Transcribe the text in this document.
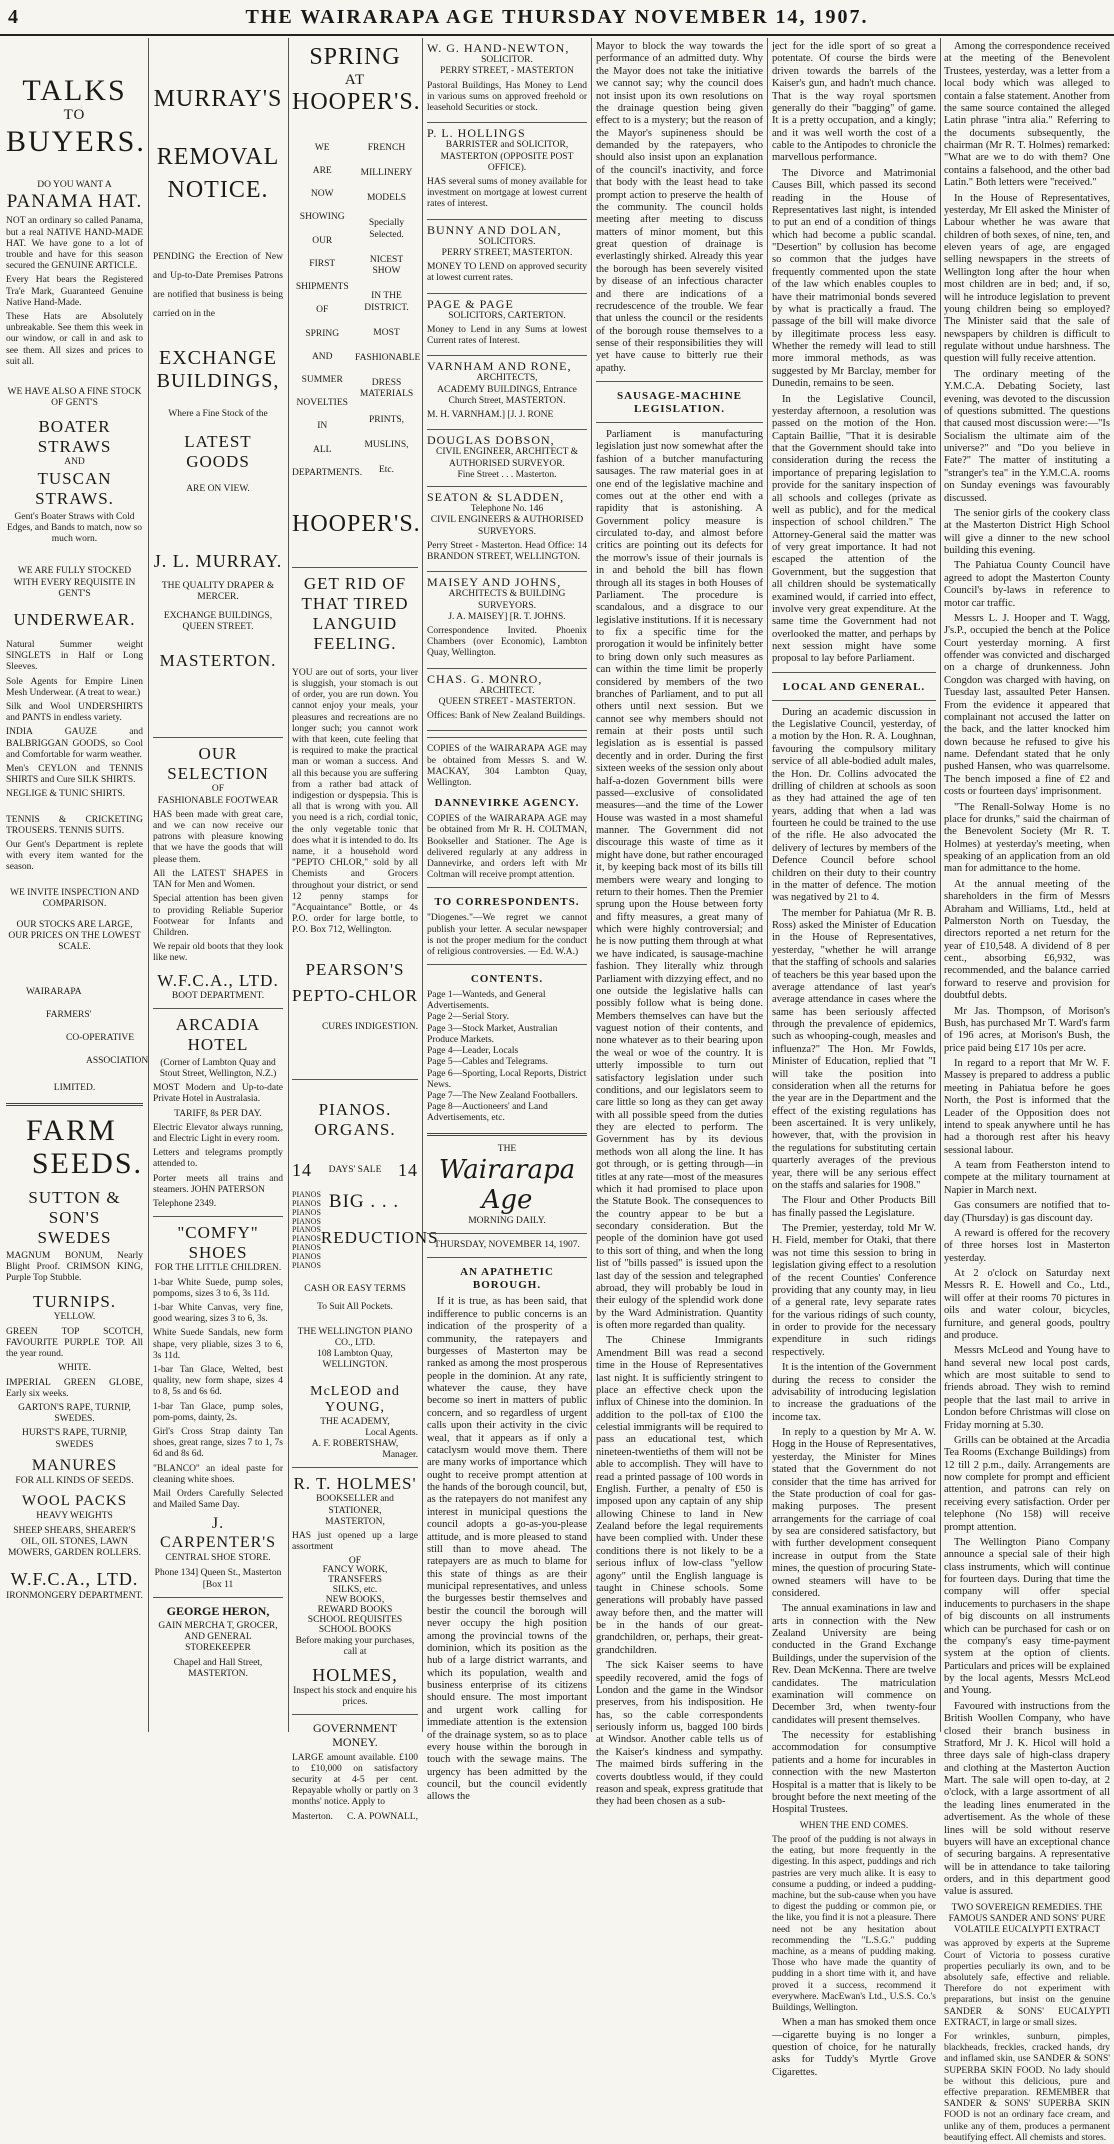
4	THE WAIRARAPA AGE THURSDAY NOVEMBER 14, 1907.
TALKS
TO
BUYERS.
DO YOU WANT A
PANAMA HAT.

NOT an ordinary so called Panama, but a real NATIVE HAND-MADE HAT. We have gone to a lot of trouble and have for this season secured the GENUINE ARTICLE.

Every Hat bears the Registered Tra'e Mark, Guaranteed Genuine Native Hand-Made.

These Hats are Absolutely unbreakable. See them this week in our window, or call in and ask to see them. All sizes and prices to suit all.

WE HAVE ALSO A FINE STOCK OF GENT'S
BOATER STRAWS
AND
TUSCAN STRAWS.

Gent's Boater Straws with Cold Edges, and Bands to match, now so much worn.

WE ARE FULLY STOCKED WITH EVERY REQUISITE IN GENT'S
UNDERWEAR.

Natural Summer weight SINGLETS in Half or Long Sleeves.

Sole Agents for Empire Linen Mesh Underwear. (A treat to wear.)

Silk and Wool UNDERSHIRTS and PANTS in endless variety.

INDIA GAUZE and BALBRIGGAN GOODS, so Cool and Comfortable for warm weather.

Men's CEYLON and TENNIS SHIRTS and Cure SILK SHIRTS.

NEGLIGE & TUNIC SHIRTS.

TENNIS & CRICKETING TROUSERS. TENNIS SUITS.

Our Gent's Department is replete with every item wanted for the season.

WE INVITE INSPECTION AND COMPARISON.

OUR STOCKS ARE LARGE, OUR PRICES ON THE LOWEST SCALE.

WAIRARAPA
FARMERS'
CO-OPERATIVE
ASSOCIATION
LIMITED.
FARM
SEEDS.
SUTTON & SON'S
SWEDES

MAGNUM BONUM, Nearly Blight Proof. CRIMSON KING, Purple Top Stubble.

TURNIPS.
YELLOW.

GREEN TOP SCOTCH, FAVOURITE PURPLE TOP. All the year round.

WHITE.

IMPERIAL GREEN GLOBE, Early six weeks.

GARTON'S RAPE, TURNIP, SWEDES.

HURST'S RAPE, TURNIP, SWEDES

MANURES
FOR ALL KINDS OF SEEDS.
WOOL PACKS HEAVY WEIGHTS

SHEEP SHEARS, SHEARER'S OIL, OIL STONES, LAWN MOWERS, GARDEN ROLLERS.

W.F.C.A., LTD.
IRONMONGERY DEPARTMENT.
MURRAY'S
REMOVAL
NOTICE.

PENDING the Erection of New and Up-to-Date Premises Patrons are notified that business is being carried on in the

EXCHANGE
BUILDINGS,
Where a Fine Stock of the
LATEST GOODS
ARE ON VIEW.
J. L. MURRAY.
THE QUALITY DRAPER & MERCER.
EXCHANGE BUILDINGS, QUEEN STREET.
MASTERTON.
OUR SELECTION
OF
FASHIONABLE FOOTWEAR

HAS been made with great care, and we can now receive our patrons with pleasure knowing that we have the goods that will please them.

All the LATEST SHAPES in TAN for Men and Women.

Special attention has been given to providing Reliable Superior Footwear for Infants and Children.

We repair old boots that they look like new.

W.F.C.A., LTD.
BOOT DEPARTMENT.
ARCADIA HOTEL

(Corner of Lambton Quay and Stout Street, Wellington, N.Z.)

MOST Modern and Up-to-date Private Hotel in Australasia.

TARIFF, 8s PER DAY.

Electric Elevator always running, and Electric Light in every room.

Letters and telegrams promptly attended to.

Porter meets all trains and steamers. JOHN PATERSON

Telephone 2349.
"COMFY" SHOES
FOR THE LITTLE CHILDREN.

1-bar White Suede, pump soles, pompoms, sizes 3 to 6, 3s 11d.

1-bar White Canvas, very fine, good wearing, sizes 3 to 6, 3s.

White Suede Sandals, new form shape, very pliable, sizes 3 to 6, 3s 11d.

1-bar Tan Glace, Welted, best quality, new form shape, sizes 4 to 8, 5s and 6s 6d.

1-bar Tan Glace, pump soles, pom-poms, dainty, 2s.

Girl's Cross Strap dainty Tan shoes, great range, sizes 7 to 1, 7s 6d and 8s 6d.

"BLANCO" an ideal paste for cleaning white shoes.

Mail Orders Carefully Selected and Mailed Same Day.

J. CARPENTER'S
CENTRAL SHOE STORE.
Phone 134] Queen St., Masterton [Box 11
GEORGE HERON,

GAIN MERCHA T, GROCER, AND GENERAL STOREKEEPER

Chapel and Hall Street,
MASTERTON.
SPRING
AT
HOOPER'S.
WE
ARE
NOW
SHOWING
OUR
FIRST
SHIPMENTS
OF
SPRING
AND
SUMMER
NOVELTIES
IN
ALL
DEPARTMENTS.
FRENCH
MILLINERY
MODELS
Specially Selected.
NICEST SHOW
IN THE DISTRICT.
MOST
FASHIONABLE
DRESS MATERIALS
PRINTS,
MUSLINS,
Etc.
HOOPER'S.
GET RID OF
THAT TIRED
LANGUID
FEELING.

YOU are out of sorts, your liver is sluggish, your stomach is out of order, you are run down. You cannot enjoy your meals, your pleasures and recreations are no longer such; you cannot work with that keen, cute feeling that is required to make the practical man or woman a success. And all this because you are suffering from a rather bad attack of indigestion or dyspepsia. This is all that is wrong with you. All you need is a rich, cordial tonic, the only vegetable tonic that does what it is intended to do. Its name, it a household word "PEPTO CHLOR," sold by all Chemists and Grocers throughout your district, or send 12 penny stamps for "Acquaintance" Bottle, or 4s P.O. order for large bottle, to P.O. Box 712, Wellington.

PEARSON'S
PEPTO-CHLOR
CURES INDIGESTION.
PIANOS.
ORGANS.
14 DAYS' SALE 14
PIANOS
PIANOS
PIANOS
PIANOS
PIANOS
PIANOS
PIANOS
PIANOS
PIANOS
BIG . . .
REDUCTIONS
CASH OR EASY TERMS
To Suit All Pockets.
THE WELLINGTON PIANO CO., LTD.
108 Lambton Quay,
WELLINGTON.
McLEOD and YOUNG,
THE ACADEMY,
Local Agents.
A. F. ROBERTSHAW,
Manager.
R. T. HOLMES'
BOOKSELLER and STATIONER,
MASTERTON,

HAS just opened up a large assortment

OF
FANCY WORK,
TRANSFERS
SILKS, etc.
NEW BOOKS,
REWARD BOOKS
SCHOOL REQUISITES
SCHOOL BOOKS
Before making your purchases, call at
HOLMES,
Inspect his stock and enquire his prices.
GOVERNMENT MONEY.

LARGE amount available. £100 to £10,000 on satisfactory security at 4-5 per cent. Repayable wholly or partly on 3 months' notice. Apply to

Masterton. C. A. POWNALL,
W. G. HAND-NEWTON,
SOLICITOR.
PERRY STREET, - MASTERTON

Pastoral Buildings, Has Money to Lend in various sums on approved freehold or leasehold Securities or stock.

P. L. HOLLINGS
BARRISTER and SOLICITOR,
MASTERTON (OPPOSITE POST OFFICE).

HAS several sums of money available for investment on mortgage at lowest current rates of interest.

BUNNY AND DOLAN,
SOLICITORS.
PERRY STREET, MASTERTON.

MONEY TO LEND on approved security at lowest current rates.

PAGE & PAGE
SOLICITORS, CARTERTON.

Money to Lend in any Sums at lowest Current rates of Interest.

VARNHAM AND RONE,
ARCHITECTS,
ACADEMY BUILDINGS, Entrance Church Street, MASTERTON.

M. H. VARNHAM.] [J. J. RONE

DOUGLAS DOBSON,
CIVIL ENGINEER, ARCHITECT & AUTHORISED SURVEYOR.
Fine Street . . . Masterton.
SEATON & SLADDEN,
Telephone No. 146
CIVIL ENGINEERS & AUTHORISED SURVEYORS.

Perry Street - Masterton. Head Office: 14 BRANDON STREET, WELLINGTON.

MAISEY AND JOHNS,
ARCHITECTS & BUILDING SURVEYORS.
J. A. MAISEY] [R. T. JOHNS.

Correspondence Invited. Phoenix Chambers (over Economic), Lambton Quay, Wellington.

CHAS. G. MONRO,
ARCHITECT.
QUEEN STREET - MASTERTON.

Offices: Bank of New Zealand Buildings.

COPIES of the WAIRARAPA AGE may be obtained from Messrs S. and W. MACKAY, 304 Lambton Quay, Wellington.

DANNEVIRKE AGENCY.

COPIES of the WAIRARAPA AGE may be obtained from Mr R. H. COLTMAN, Bookseller and Stationer. The Age is delivered regularly at any address in Dannevirke, and orders left with Mr Coltman will receive prompt attention.

TO CORRESPONDENTS.

"Diogenes."—We regret we cannot publish your letter. A secular newspaper is not the proper medium for the conduct of religious controversies. — Ed. W.A.)

CONTENTS.
Page 1—Wanteds, and General Advertisements.
Page 2—Serial Story.
Page 3—Stock Market, Australian Produce Markets.
Page 4—Leader, Locals
Page 5—Cables and Telegrams.
Page 6—Sporting, Local Reports, District News.
Page 7—The New Zealand Footballers.
Page 8—Auctioneers' and Land Advertisements, etc.
THE
Wairarapa Age
MORNING DAILY.
THURSDAY, NOVEMBER 14, 1907.
AN APATHETIC BOROUGH.

If it is true, as has been said, that indifference to public concerns is an indication of the prosperity of a community, the ratepayers and burgesses of Masterton may be ranked as among the most prosperous people in the dominion. At any rate, whatever the cause, they have become so inert in matters of public concern, and so regardless of urgent calls upon their activity in the civic weal, that it appears as if only a cataclysm would move them. There are many works of importance which ought to receive prompt attention at the hands of the borough council, but, as the ratepayers do not manifest any interest in municipal questions the council adopts a go-as-you-please attitude, and is more pleased to stand still than to move ahead. The ratepayers are as much to blame for this state of things as are their municipal representatives, and unless the burgesses bestir themselves and bestir the council the borough will never occupy the high position among the provincial towns of the dominion, which its position as the hub of a large district warrants, and which its population, wealth and business enterprise of its citizens should ensure. The most important and urgent work calling for immediate attention is the extension of the drainage system, so as to place every house within the borough in touch with the sewage mains. The urgency has been admitted by the council, but the council evidently allows the

Mayor to block the way towards the performance of an admitted duty. Why the Mayor does not take the initiative we cannot say; why the council does not insist upon its own resolutions on the drainage question being given effect to is a mystery; but the reason of the Mayor's supineness should be demanded by the ratepayers, who should also insist upon an explanation of the council's inactivity, and force that body with the least head to take prompt action to preserve the health of the community. The council holds meeting after meeting to discuss matters of minor moment, but this great question of drainage is everlastingly shirked. Already this year the borough has been severely visited by disease of an infectious character and there are indications of a recrudescence of the trouble. We fear that unless the council or the residents of the borough rouse themselves to a sense of their responsibilities they will yet have cause to bitterly rue their apathy.

SAUSAGE-MACHINE LEGISLATION.

Parliament is manufacturing legislation just now somewhat after the fashion of a butcher manufacturing sausages. The raw material goes in at one end of the legislative machine and comes out at the other end with a rapidity that is astonishing. A Government policy measure is circulated to-day, and almost before critics are pointing out its defects for the morrow's issue of their journals is in and behold the bill has flown through all its stages in both Houses of Parliament. The procedure is scandalous, and a disgrace to our legislative institutions. If it is necessary to fix a specific time for the prorogation it would be infinitely better to bring down only such measures as can within the time limit be properly considered by members of the two branches of Parliament, and to put all others until next session. But we cannot see why members should not remain at their posts until such legislation as is essential is passed decently and in order. During the first sixteen weeks of the session only about half-a-dozen Government bills were passed—exclusive of consolidated measures—and the time of the Lower House was wasted in a most shameful manner. The Government did not discourage this waste of time as it might have done, but rather encouraged it, by keeping back most of its bills till members were weary and longing to return to their homes. Then the Premier sprung upon the House between forty and fifty measures, a great many of which were highly controversial; and he is now putting them through at what we have indicated, is sausage-machine fashion. They literally whiz through Parliament with dizzying effect, and no one outside the legislative halls can possibly follow what is being done. Members themselves can have but the vaguest notion of their contents, and none whatever as to their bearing upon the weal or woe of the country. It is utterly impossible to turn out satisfactory legislation under such conditions, and our legislators seem to care little so long as they can get away with all possible speed from the duties they are elected to perform. The Government has by its devious methods won all along the line. It has got through, or is getting through—in titles at any rate—most of the measures which it had promised to place upon the Statute Book. The consequences to the country appear to be but a secondary consideration. But the people of the dominion have got used to this sort of thing, and when the long list of "bills passed" is issued upon the last day of the session and telegraphed abroad, they will probably be loud in their eulogy of the splendid work done by the Ward Administration. Quantity is often more regarded than quality.

The Chinese Immigrants Amendment Bill was read a second time in the House of Representatives last night. It is sufficiently stringent to place an effective check upon the influx of Chinese into the dominion. In addition to the poll-tax of £100 the celestial immigrants will be required to pass an educational test, which nineteen-twentieths of them will not be able to accomplish. They will have to read a printed passage of 100 words in English. Further, a penalty of £50 is imposed upon any captain of any ship allowing Chinese to land in New Zealand before the legal requirements have been complied with. Under these conditions there is not likely to be a serious influx of low-class "yellow agony" until the English language is taught in Chinese schools. Some generations will probably have passed away before then, and the matter will be in the hands of our great-grandchildren, or, perhaps, their great-grandchildren.

The sick Kaiser seems to have speedily recovered, amid the fogs of London and the game in the Windsor preserves, from his indisposition. He has, so the cable correspondents seriously inform us, bagged 100 birds at Windsor. Another cable tells us of the Kaiser's kindness and sympathy. The maimed birds suffering in the coverts doubtless would, if they could reason and speak, express gratitude that they had been chosen as a sub-

ject for the idle sport of so great a potentate. Of course the birds were driven towards the barrels of the Kaiser's gun, and hadn't much chance. That is the way royal sportsmen generally do their "bagging" of game. It is a pretty occupation, and a kingly; and it was well worth the cost of a cable to the Antipodes to chronicle the marvellous performance.

The Divorce and Matrimonial Causes Bill, which passed its second reading in the House of Representatives last night, is intended to put an end of a condition of things which had become a public scandal. "Desertion" by collusion has become so common that the judges have frequently commented upon the state of the law which enables couples to have their matrimonial bonds severed by what is practically a fraud. The passage of the bill will make divorce by illegitimate process less easy. Whether the remedy will lead to still more immoral methods, as was suggested by Mr Barclay, member for Dunedin, remains to be seen.

In the Legislative Council, yesterday afternoon, a resolution was passed on the motion of the Hon. Captain Baillie, "That it is desirable that the Government should take into consideration during the recess the importance of preparing legislation to provide for the sanitary inspection of all schools and colleges (private as well as public), and for the medical inspection of school children." The Attorney-General said the matter was of very great importance. It had not escaped the attention of the Government, but the suggestion that all children should be systematically examined would, if carried into effect, involve very great expenditure. At the same time the Government had not overlooked the matter, and perhaps by next session might have some proposal to lay before Parliament.

LOCAL AND GENERAL.

During an academic discussion in the Legislative Council, yesterday, of a motion by the Hon. R. A. Loughnan, favouring the compulsory military service of all able-bodied adult males, the Hon. Dr. Collins advocated the drilling of children at schools as soon as they had attained the age of ten years, adding that when a lad was fourteen he could be trained to the use of the rifle. He also advocated the delivery of lectures by members of the Defence Council before school children on their duty to their country in the matter of defence. The motion was negatived by 21 to 4.

The member for Pahiatua (Mr R. B. Ross) asked the Minister of Education in the House of Representatives, yesterday, "whether he will arrange that the staffing of schools and salaries of teachers be this year based upon the average attendance of last year's average attendance in cases where the same has been seriously affected through the prevalence of epidemics, such as whooping-cough, measles and influenza?" The Hon. Mr Fowlds, Minister of Education, replied that "I will take the position into consideration when all the returns for the year are in the Department and the effect of the existing regulations has been ascertained. It is very unlikely, however, that, with the provision in the regulations for substituting certain quarterly averages of the previous year, there will be any serious effect on the staffs and salaries for 1908."

The Flour and Other Products Bill has finally passed the Legislature.

The Premier, yesterday, told Mr W. H. Field, member for Otaki, that there was not time this session to bring in legislation giving effect to a resolution of the recent Counties' Conference providing that any county may, in lieu of a general rate, levy separate rates for the various ridings of such county, in order to provide for the necessary expenditure in such ridings respectively.

It is the intention of the Government during the recess to consider the advisability of introducing legislation to increase the graduations of the income tax.

In reply to a question by Mr A. W. Hogg in the House of Representatives, yesterday, the Minister for Mines stated that the Government do not consider that the time has arrived for the State production of coal for gas-making purposes. The present arrangements for the carriage of coal by sea are considered satisfactory, but with further development consequent increase in output from the State mines, the question of procuring State-owned steamers will have to be considered.

The annual examinations in law and arts in connection with the New Zealand University are being conducted in the Grand Exchange Buildings, under the supervision of the Rev. Dean McKenna. There are twelve candidates. The matriculation examination will commence on December 3rd, when twenty-four candidates will present themselves.

The necessity for establishing accommodation for consumptive patients and a home for incurables in connection with the new Masterton Hospital is a matter that is likely to be brought before the next meeting of the Hospital Trustees.

WHEN THE END COMES.

The proof of the pudding is not always in the eating, but more frequently in the digesting. In this aspect, puddings and rich pastries are very much alike. It is easy to consume a pudding, or indeed a pudding-machine, but the sub-cause when you have to digest the pudding or common pie, or the like, you find it is not a pleasure. There need not be any hesitation about recommending the "L.S.G." pudding machine, as a means of pudding making. Those who have made the quantity of pudding in a short time with it, and have proved it a success, recommend it everywhere. MacEwan's Ltd., U.S.S. Co.'s Buildings, Wellington.

When a man has smoked them once—cigarette buying is no longer a question of choice, for he naturally asks for Tuddy's Myrtle Grove Cigarettes.

Among the correspondence received at the meeting of the Benevolent Trustees, yesterday, was a letter from a local body which was alleged to contain a false statement. Another from the same source contained the alleged Latin phrase "intra alia." Referring to the documents subsequently, the chairman (Mr R. T. Holmes) remarked: "What are we to do with them? One contains a falsehood, and the other bad Latin." Both letters were "received."

In the House of Representatives, yesterday, Mr Ell asked the Minister of Labour whether he was aware that children of both sexes, of nine, ten, and eleven years of age, are engaged selling newspapers in the streets of Wellington long after the hour when most children are in bed; and, if so, will he introduce legislation to prevent young children being so employed? The Minister said that the sale of newspapers by children is difficult to regulate without undue harshness. The question will fully receive attention.

The ordinary meeting of the Y.M.C.A. Debating Society, last evening, was devoted to the discussion of questions submitted. The questions that caused most discussion were:—"Is Socialism the ultimate aim of the universe?" and "Do you believe in Fate?" The matter of instituting a "stranger's tea" in the Y.M.C.A. rooms on Sunday evenings was favourably discussed.

The senior girls of the cookery class at the Masterton District High School will give a dinner to the new school building this evening.

The Pahiatua County Council have agreed to adopt the Masterton County Council's by-laws in reference to motor car traffic.

Messrs L. J. Hooper and T. Wagg, J's.P., occupied the bench at the Police Court yesterday morning. A first offender was convicted and discharged on a charge of drunkenness. John Congdon was charged with having, on Tuesday last, assaulted Peter Hansen. From the evidence it appeared that complainant not accused the latter on the back, and the latter knocked him down because he refused to give his name. Defendant stated that he only pushed Hansen, who was quarrelsome. The bench imposed a fine of £2 and costs or fourteen days' imprisonment.

"The Renall-Solway Home is no place for drunks," said the chairman of the Benevolent Society (Mr R. T. Holmes) at yesterday's meeting, when speaking of an application from an old man for admittance to the home.

At the annual meeting of the shareholders in the firm of Messrs Abraham and Williams, Ltd., held at Palmerston North on Tuesday, the directors reported a net return for the year of £10,548. A dividend of 8 per cent., absorbing £6,932, was recommended, and the balance carried forward to reserve and provision for doubtful debts.

Mr Jas. Thompson, of Morison's Bush, has purchased Mr T. Ward's farm of 196 acres, at Morison's Bush, the price paid being £17 10s per acre.

In regard to a report that Mr W. F. Massey is prepared to address a public meeting in Pahiatua before he goes North, the Post is informed that the Leader of the Opposition does not intend to speak anywhere until he has had a thorough rest after his heavy sessional labour.

A team from Featherston intend to compete at the military tournament at Napier in March next.

Gas consumers are notified that to-day (Thursday) is gas discount day.

A reward is offered for the recovery of three horses lost in Masterton yesterday.

At 2 o'clock on Saturday next Messrs R. E. Howell and Co., Ltd., will offer at their rooms 70 pictures in oils and water colour, bicycles, furniture, and general goods, poultry and produce.

Messrs McLeod and Young have to hand several new local post cards, which are most suitable to send to friends abroad. They wish to remind people that the last mail to arrive in London before Christmas will close on Friday morning at 5.30.

Grills can be obtained at the Arcadia Tea Rooms (Exchange Buildings) from 12 till 2 p.m., daily. Arrangements are now complete for prompt and efficient attention, and patrons can rely on receiving every satisfaction. Order per telephone (No 158) will receive prompt attention.

The Wellington Piano Company announce a special sale of their high class instruments, which will continue for fourteen days. During that time the company will offer special inducements to purchasers in the shape of big discounts on all instruments which can be purchased for cash or on the company's easy time-payment system at the option of clients. Particulars and prices will be explained by the local agents, Messrs McLeod and Young.

Favoured with instructions from the British Woollen Company, who have closed their branch business in Stratford, Mr J. K. Hicol will hold a three days sale of high-class drapery and clothing at the Masterton Auction Mart. The sale will open to-day, at 2 o'clock, with a large assortment of all the leading lines enumerated in the advertisement. As the whole of these lines will be sold without reserve buyers will have an exceptional chance of securing bargains. A representative will be in attendance to take tailoring orders, and in this department good value is assured.

TWO SOVEREIGN REMEDIES. THE FAMOUS SANDER AND SONS' PURE VOLATILE EUCALYPTI EXTRACT

was approved by experts at the Supreme Court of Victoria to possess curative properties peculiarly its own, and to be absolutely safe, effective and reliable. Therefore do not experiment with preparations, but insist on the genuine SANDER & SONS' EUCALYPTI EXTRACT, in large or small sizes.

For wrinkles, sunburn, pimples, blackheads, freckles, cracked hands, dry and inflamed skin, use SANDER & SONS' SUPERBA SKIN FOOD. No lady should be without this delicious, pure and effective preparation. REMEMBER that SANDER & SONS' SUPERBA SKIN FOOD is not an ordinary face cream, and unlike any of them, produces a permanent beautifying effect. All chemists and stores.
